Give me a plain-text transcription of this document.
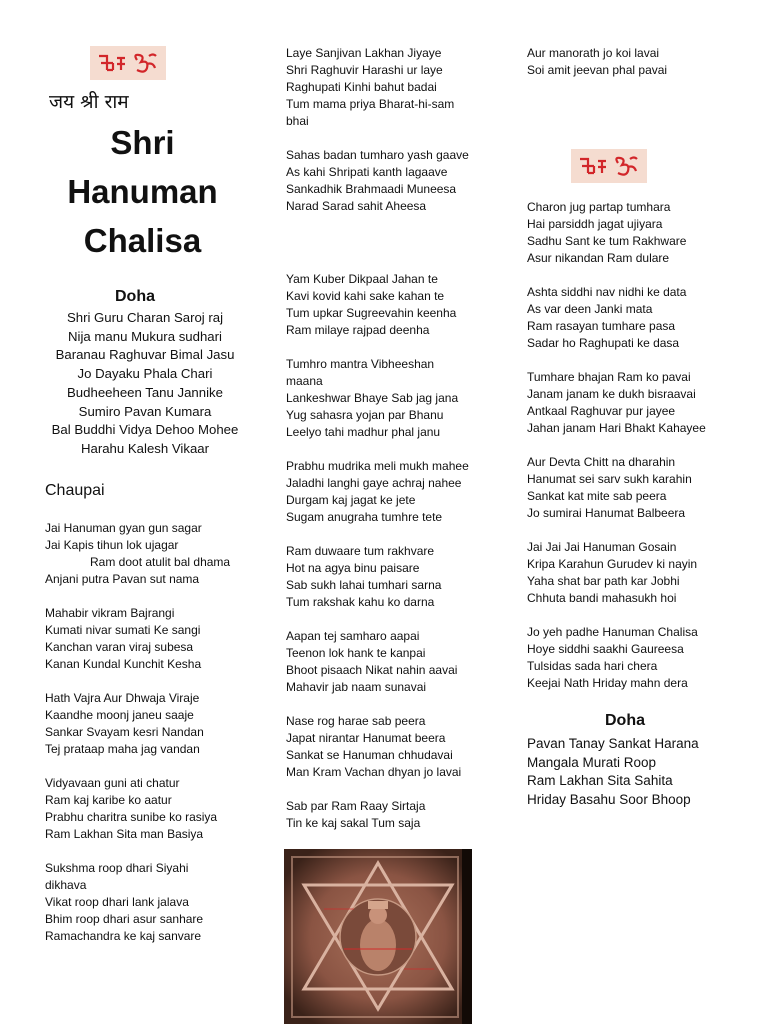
जय श्री राम
Shri
Hanuman
Chalisa
Doha
Shri Guru Charan Saroj raj
Nija manu Mukura sudhari
Baranau Raghuvar Bimal Jasu
Jo Dayaku Phala Chari
Budheeheen Tanu Jannike
Sumiro Pavan Kumara
Bal Buddhi Vidya Dehoo Mohee
Harahu Kalesh Vikaar
Chaupai
Jai Hanuman gyan gun sagar
Jai Kapis tihun lok ujagar
Ram doot atulit bal dhama
Anjani putra Pavan sut nama
Mahabir vikram Bajrangi
Kumati nivar sumati Ke sangi
Kanchan varan viraj subesa
Kanan Kundal Kunchit Kesha
Hath Vajra Aur Dhwaja Viraje
Kaandhe moonj janeu saaje
Sankar Svayam kesri Nandan
Tej prataap maha jag vandan
Vidyavaan guni ati chatur
Ram kaj karibe ko aatur
Prabhu charitra sunibe ko rasiya
Ram Lakhan Sita man Basiya
Sukshma roop dhari Siyahi
dikhava
Vikat roop dhari lank jalava
Bhim roop dhari asur sanhare
Ramachandra ke kaj sanvare
Laye Sanjivan Lakhan Jiyaye
Shri Raghuvir Harashi ur laye
Raghupati Kinhi bahut badai
Tum mama priya Bharat-hi-sam
bhai
Sahas badan tumharo yash gaave
As kahi Shripati kanth lagaave
Sankadhik Brahmaadi Muneesa
Narad Sarad sahit Aheesa
Yam Kuber Dikpaal Jahan te
Kavi kovid kahi sake kahan te
Tum upkar Sugreevahin keenha
Ram milaye rajpad deenha
Tumhro mantra Vibheeshan
maana
Lankeshwar Bhaye Sab jag jana
Yug sahasra yojan par Bhanu
Leelyo tahi madhur phal janu
Prabhu mudrika meli mukh mahee
Jaladhi langhi gaye achraj nahee
Durgam kaj jagat ke jete
Sugam anugraha tumhre tete
Ram duwaare tum rakhvare
Hot na agya binu paisare
Sab sukh lahai tumhari sarna
Tum rakshak kahu ko darna
Aapan tej samharo aapai
Teenon lok hank te kanpai
Bhoot pisaach Nikat nahin aavai
Mahavir jab naam sunavai
Nase rog harae sab peera
Japat nirantar Hanumat beera
Sankat se Hanuman chhudavai
Man Kram Vachan dhyan jo lavai
Sab par Ram Raay Sirtaja
Tin ke kaj sakal Tum saja
Aur manorath jo koi lavai
Soi amit jeevan phal pavai
Charon jug partap tumhara
Hai parsiddh jagat ujiyara
Sadhu Sant ke tum Rakhware
Asur nikandan Ram dulare
Ashta siddhi nav nidhi ke data
As var deen Janki mata
Ram rasayan tumhare pasa
Sadar ho Raghupati ke dasa
Tumhare bhajan Ram ko pavai
Janam janam ke dukh bisraavai
Antkaal Raghuvar pur jayee
Jahan janam Hari Bhakt Kahayee
Aur Devta Chitt na dharahin
Hanumat sei sarv sukh karahin
Sankat kat mite sab peera
Jo sumirai Hanumat Balbeera
Jai Jai Jai Hanuman Gosain
Kripa Karahun Gurudev ki nayin
Yaha shat bar path kar Jobhi
Chhuta bandi mahasukh hoi
Jo yeh padhe Hanuman Chalisa
Hoye siddhi saakhi Gaureesa
Tulsidas sada hari chera
Keejai Nath Hriday mahn dera
Doha
Pavan Tanay Sankat Harana
Mangala Murati Roop
Ram Lakhan Sita Sahita
Hriday Basahu Soor Bhoop
